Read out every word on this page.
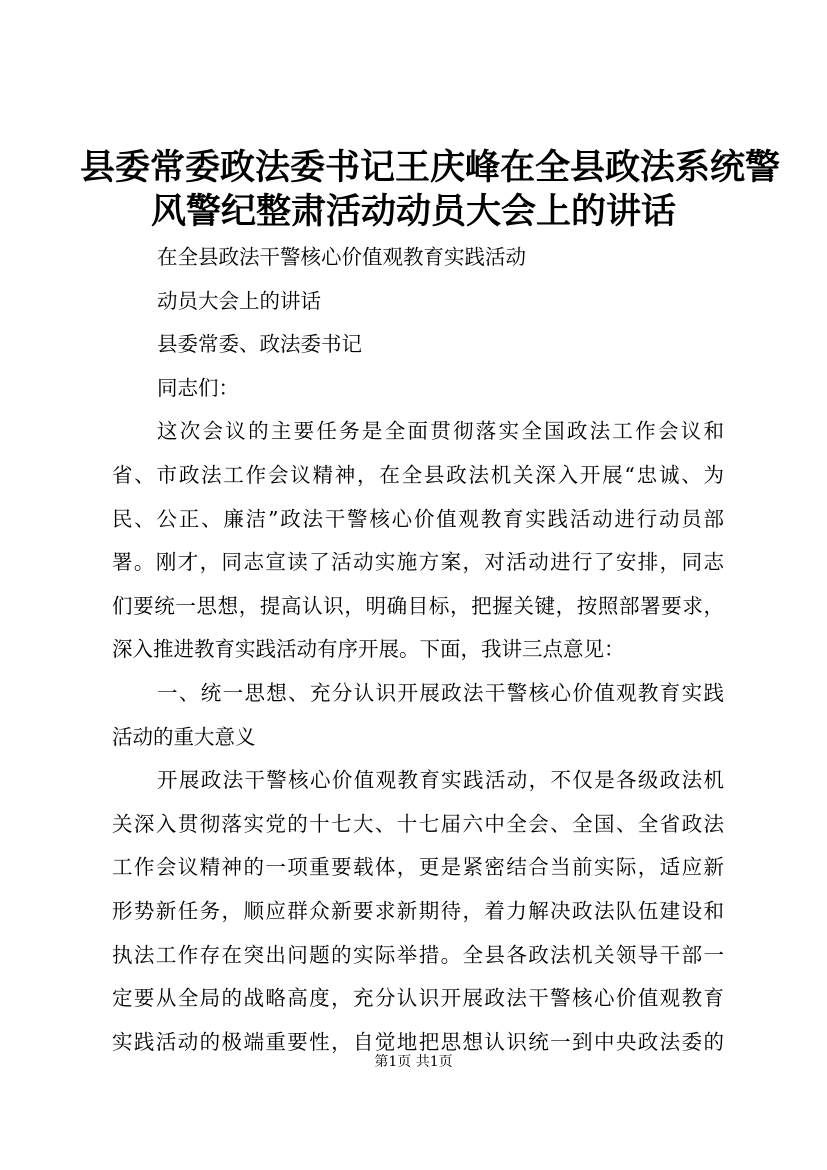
县委常委政法委书记王庆峰在全县政法系统警
风警纪整肃活动动员大会上的讲话
在全县政法干警核心价值观教育实践活动
动员大会上的讲话
县委常委、政法委书记
同志们：
这次会议的主要任务是全面贯彻落实全国政法工作会议和
省、市政法工作会议精神，在全县政法机关深入开展“忠诚、为
民、公正、廉洁”政法干警核心价值观教育实践活动进行动员部
署。刚才，同志宣读了活动实施方案，对活动进行了安排，同志
们要统一思想，提高认识，明确目标，把握关键，按照部署要求，
深入推进教育实践活动有序开展。下面，我讲三点意见：
一、统一思想、充分认识开展政法干警核心价值观教育实践
活动的重大意义
开展政法干警核心价值观教育实践活动，不仅是各级政法机
关深入贯彻落实党的十七大、十七届六中全会、全国、全省政法
工作会议精神的一项重要载体，更是紧密结合当前实际，适应新
形势新任务，顺应群众新要求新期待，着力解决政法队伍建设和
执法工作存在突出问题的实际举措。全县各政法机关领导干部一
定要从全局的战略高度，充分认识开展政法干警核心价值观教育
实践活动的极端重要性，自觉地把思想认识统一到中央政法委的
第1页 共1页
